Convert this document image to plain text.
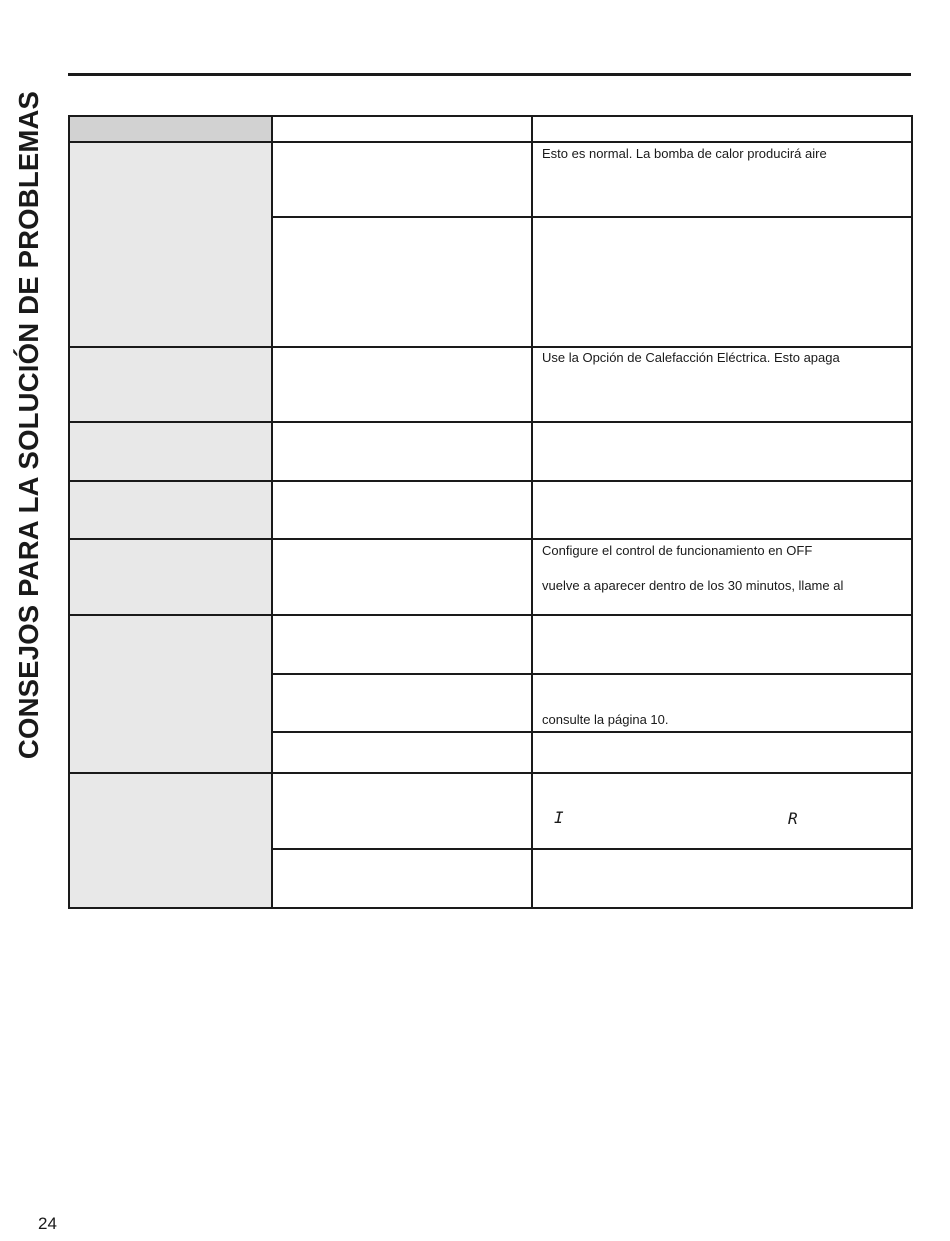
CONSEJOS PARA LA SOLUCIÓN DE PROBLEMAS	Esto es normal. La bomba de calor producirá aire
Use la Opción de Calefacción Eléctrica. Esto apaga
Configure el control de funcionamiento en OFF
vuelve a aparecer dentro de los 30 minutos, llame al
consulte la página 10.
I	R
24
